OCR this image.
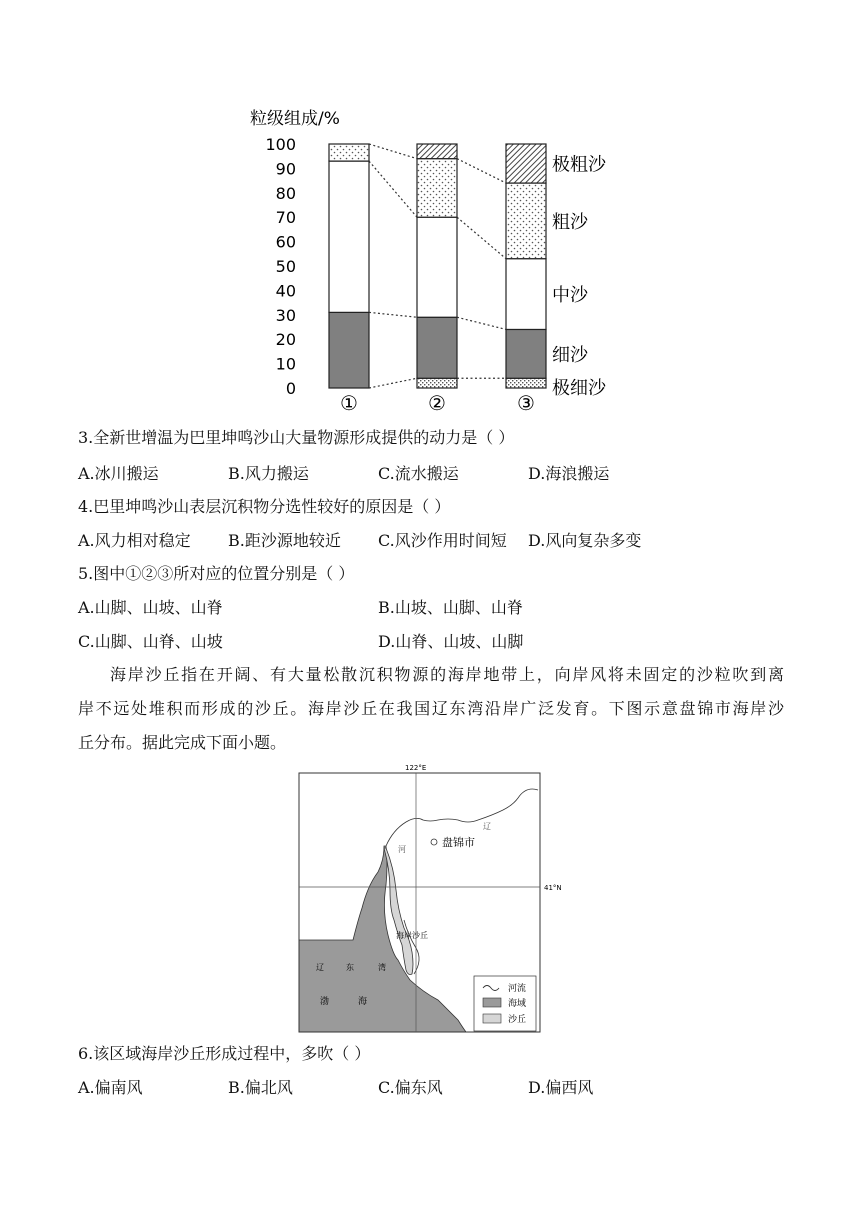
粒级组成/%
0
10
20
30
40
50
60
70
80
90
100
极细沙
细沙
中沙
粗沙
极粗沙
①	②	③
3.全新世增温为巴里坤鸣沙山大量物源形成提供的动力是（ ）
A.冰川搬运	B.风力搬运	C.流水搬运	D.海浪搬运
4.巴里坤鸣沙山表层沉积物分选性较好的原因是（ ）
A.风力相对稳定 B.距沙源地较近 C.风沙作用时间短 D.风向复杂多变
5.图中①②③所对应的位置分别是（ ）
A.山脚、山坡、山脊	B.山坡、山脚、山脊
C.山脚、山脊、山坡	D.山脊、山坡、山脚
海岸沙丘指在开阔、有大量松散沉积物源的海岸地带上，向岸风将未固定的沙粒吹到离
岸不远处堆积而形成的沙丘。海岸沙丘在我国辽东湾沿岸广泛发育。下图示意盘锦市海岸沙
丘分布。据此完成下面小题。
122°E
41°N
盘锦市
辽
河
海岸沙丘
辽	东	湾
渤	海
河流
海域
沙丘
6.该区域海岸沙丘形成过程中，多吹（ ）
A.偏南风	B.偏北风	C.偏东风	D.偏西风
